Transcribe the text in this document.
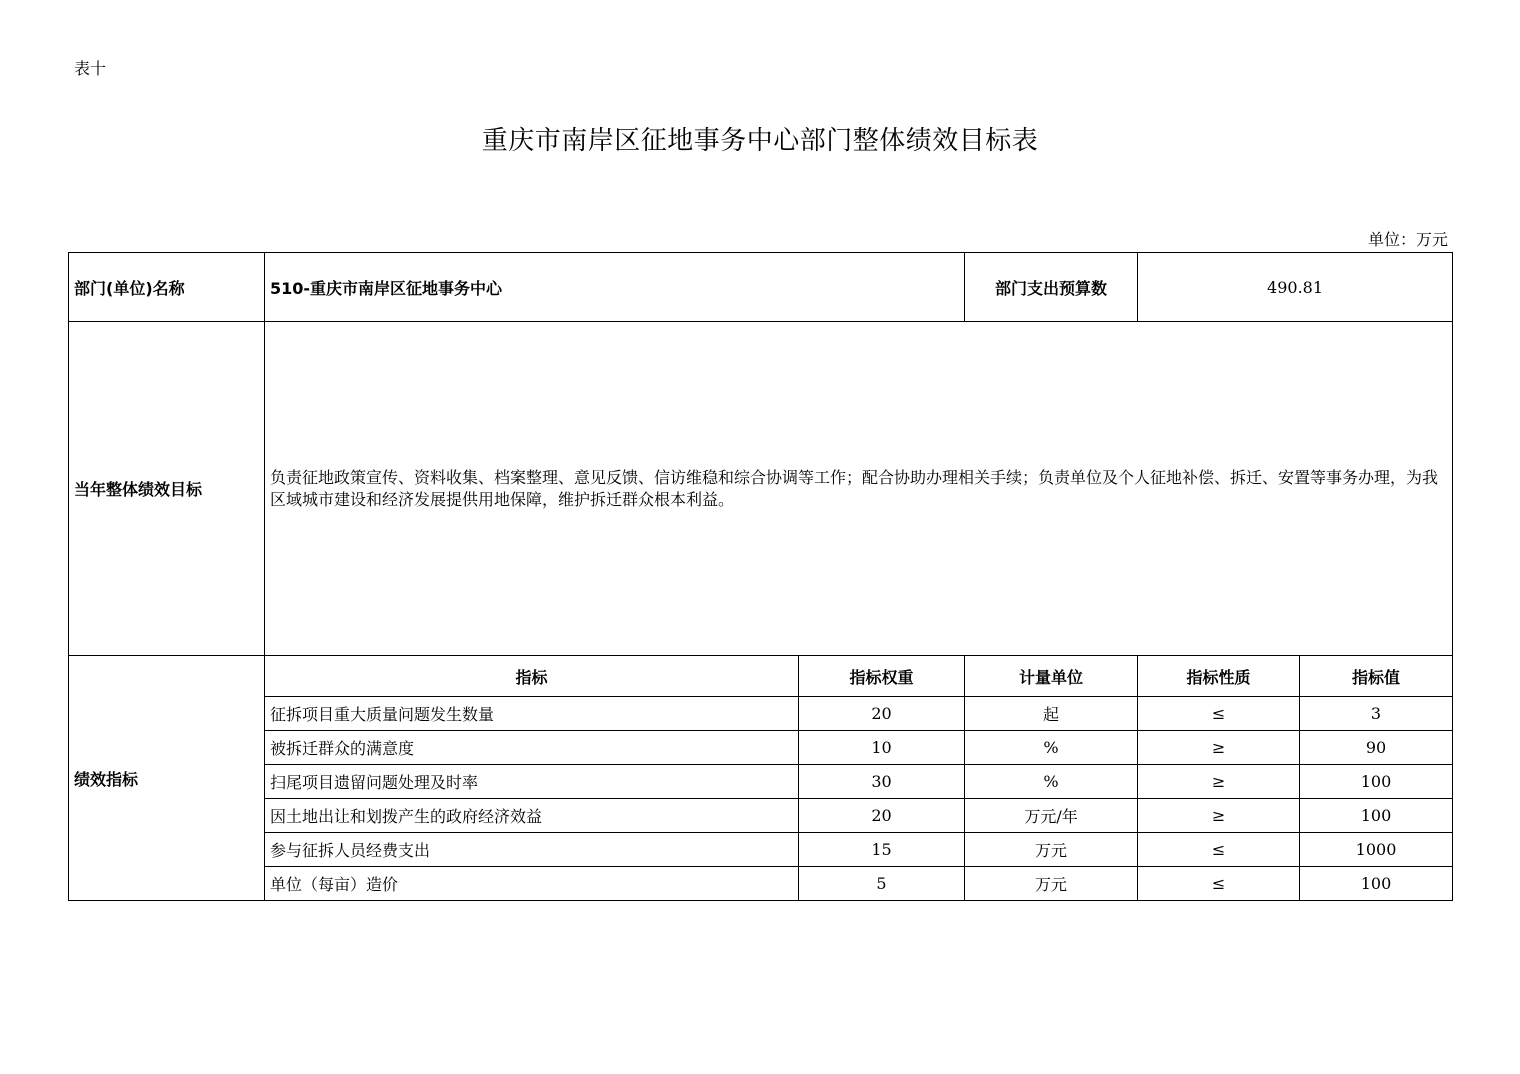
表十
重庆市南岸区征地事务中心部门整体绩效目标表
单位：万元
部门(单位)名称	510-重庆市南岸区征地事务中心		部门支出预算数	490.81	
当年整体绩效目标	负责征地政策宣传、资料收集、档案整理、意见反馈、信访维稳和综合协调等工作；配合协助办理相关手续；负责单位及个人征地补偿、拆迁、安置等事务办理，为我区域城市建设和经济发展提供用地保障，维护拆迁群众根本利益。				
绩效指标	指标	指标权重	计量单位	指标性质	指标值
	征拆项目重大质量问题发生数量	20	起	≤	3
	被拆迁群众的满意度	10	%	≥	90
	扫尾项目遗留问题处理及时率	30	%	≥	100
	因土地出让和划拨产生的政府经济效益	20	万元/年	≥	100
	参与征拆人员经费支出	15	万元	≤	1000
	单位（每亩）造价	5	万元	≤	100
